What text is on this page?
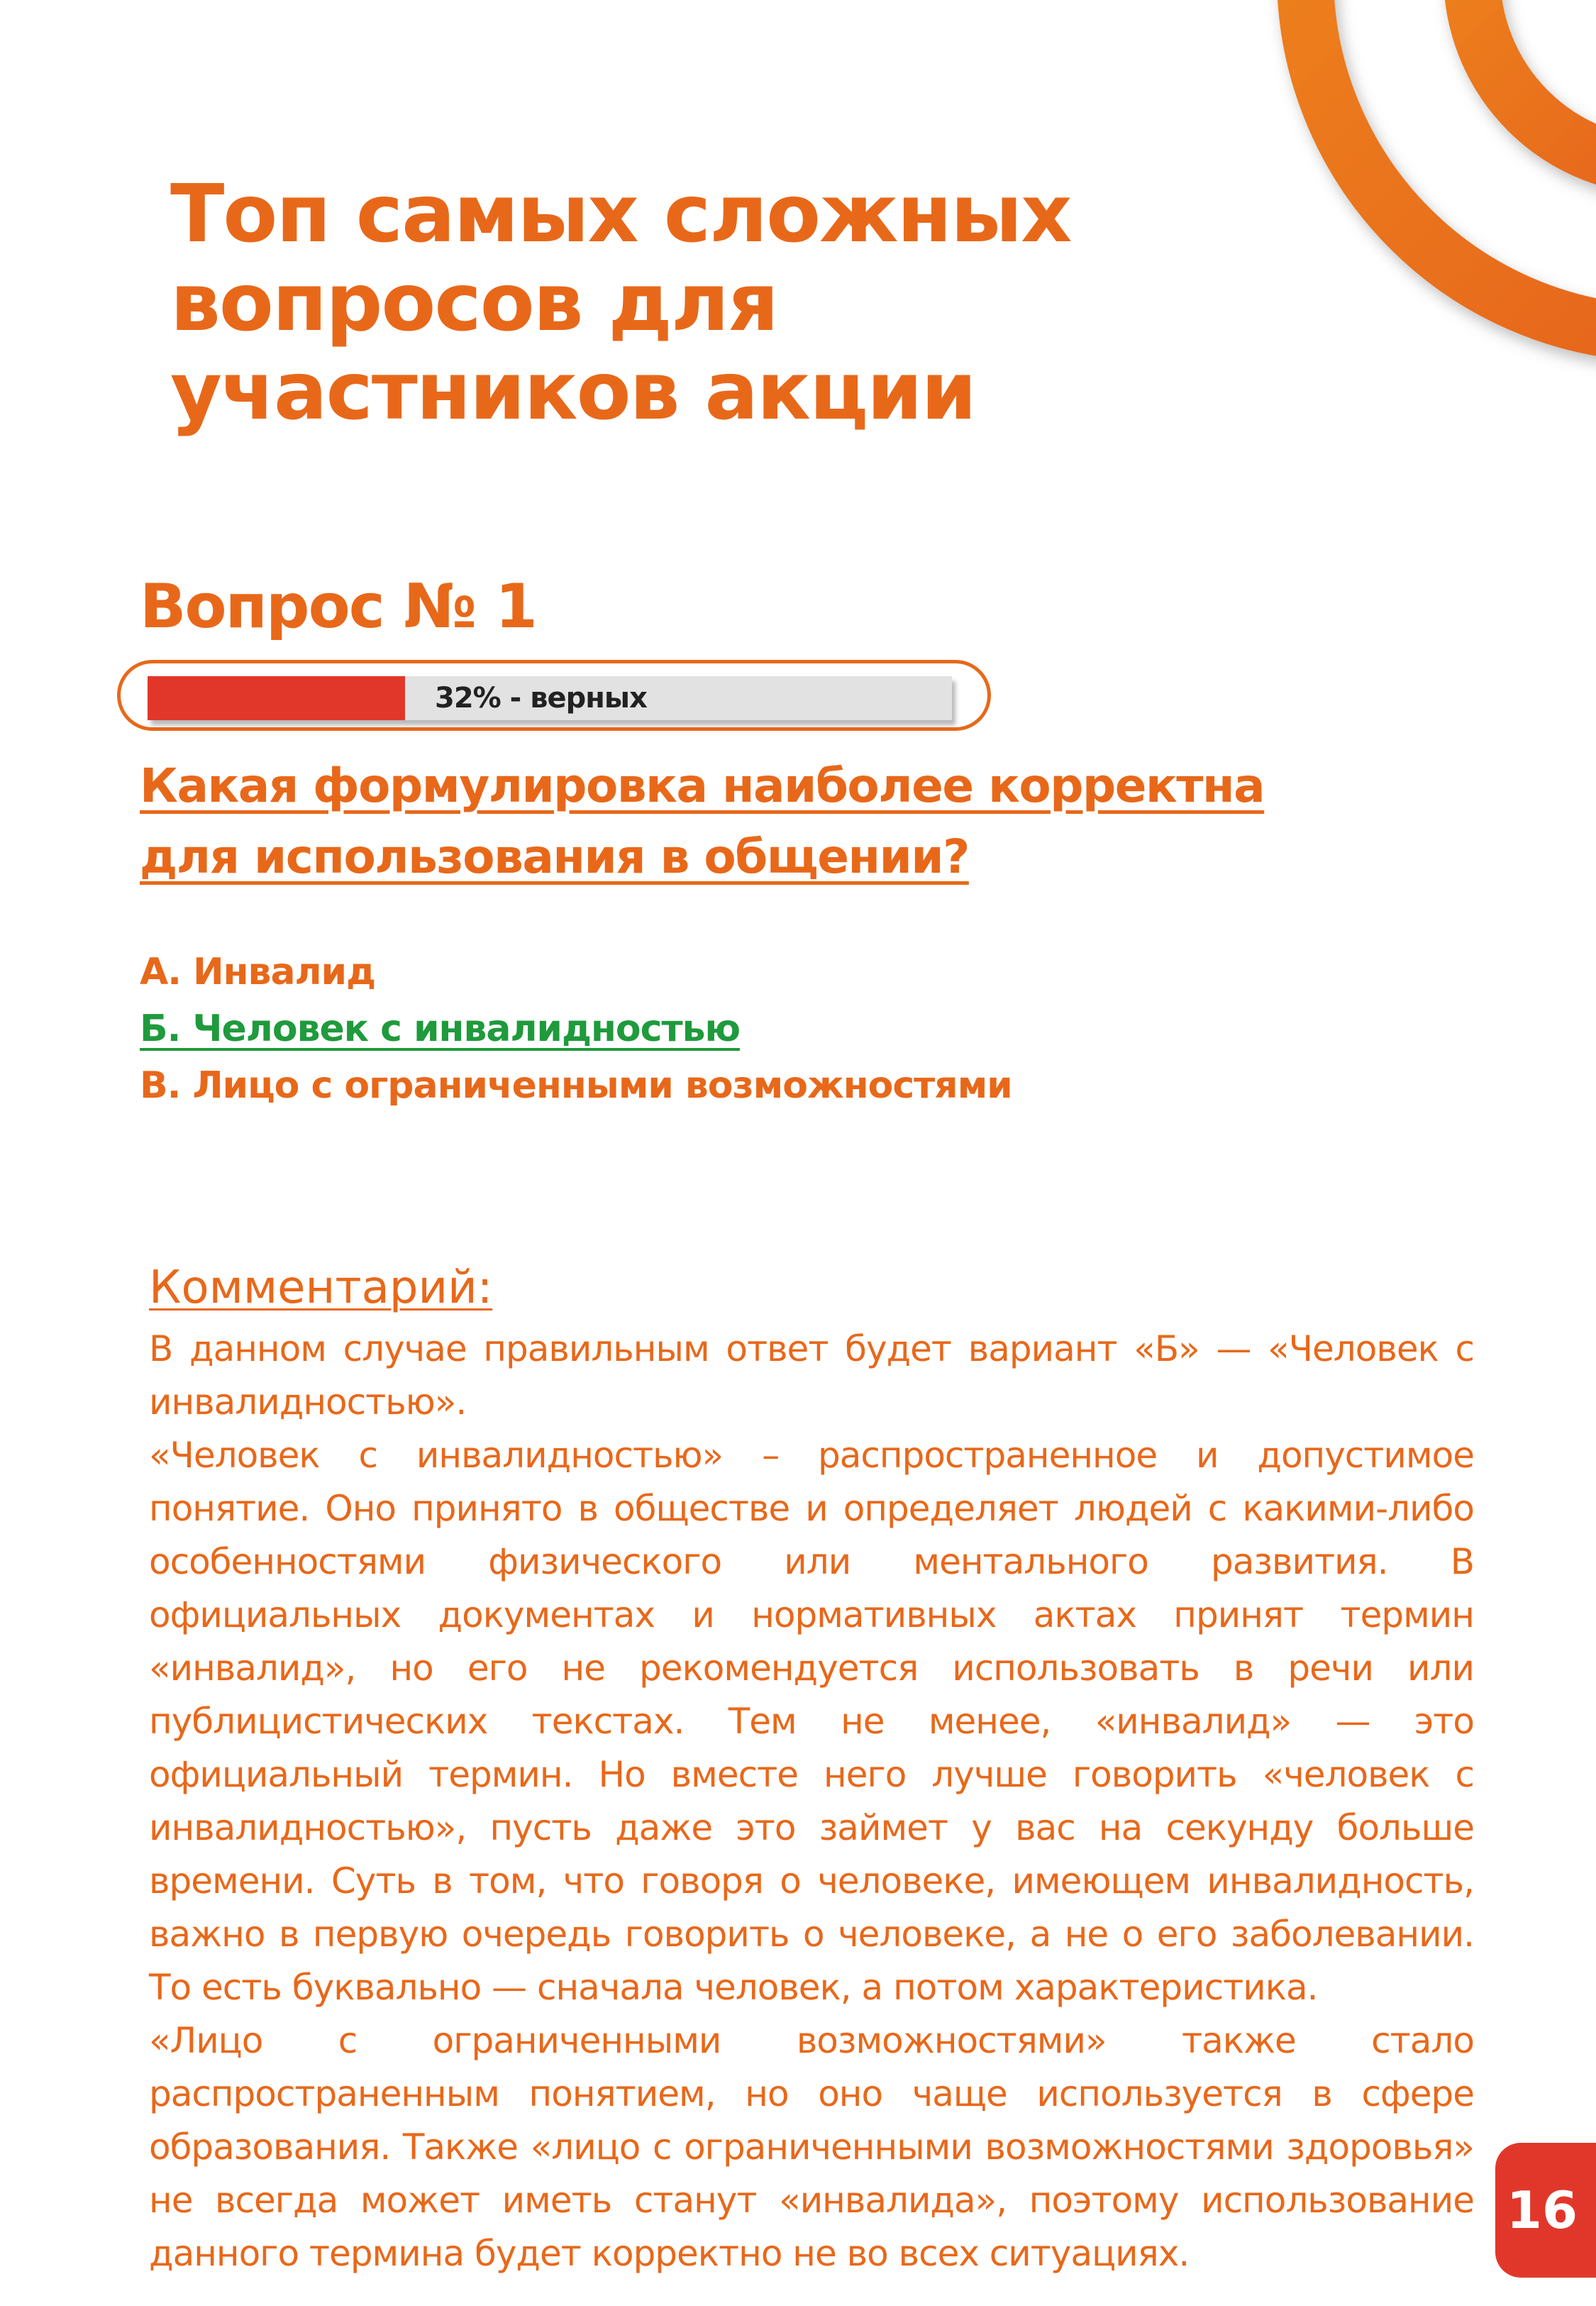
Топ самых сложных
вопросов для
участников акции
Вопрос № 1
32% - верных
Какая формулировка наиболее корректна
для использования в общении?
А. Инвалид
Б. Человек с инвалидностью
В. Лицо с ограниченными возможностями
Комментарий:

В данном случае правильным ответ будет вариант «Б» — «Человек с инвалидностью».

«Человек с инвалидностью» – распространенное и допустимое понятие. Оно принято в обществе и определяет людей с какими-либо особенностями физического или ментального развития. В официальных документах и нормативных актах принят термин «инвалид», но его не рекомендуется использовать в речи или публицистических текстах. Тем не менее, «инвалид» — это официальный термин. Но вместе него лучше говорить «человек с инвалидностью», пусть даже это займет у вас на секунду больше времени. Суть в том, что говоря о человеке, имеющем инвалидность, важно в первую очередь говорить о человеке, а не о его заболевании. То есть буквально — сначала человек, а потом характеристика.

«Лицо с ограниченными возможностями» также стало распространенным понятием, но оно чаще используется в сфере образования. Также «лицо с ограниченными возможностями здоровья» не всегда может иметь станут «инвалида», поэтому использование данного термина будет корректно не во всех ситуациях.

16
